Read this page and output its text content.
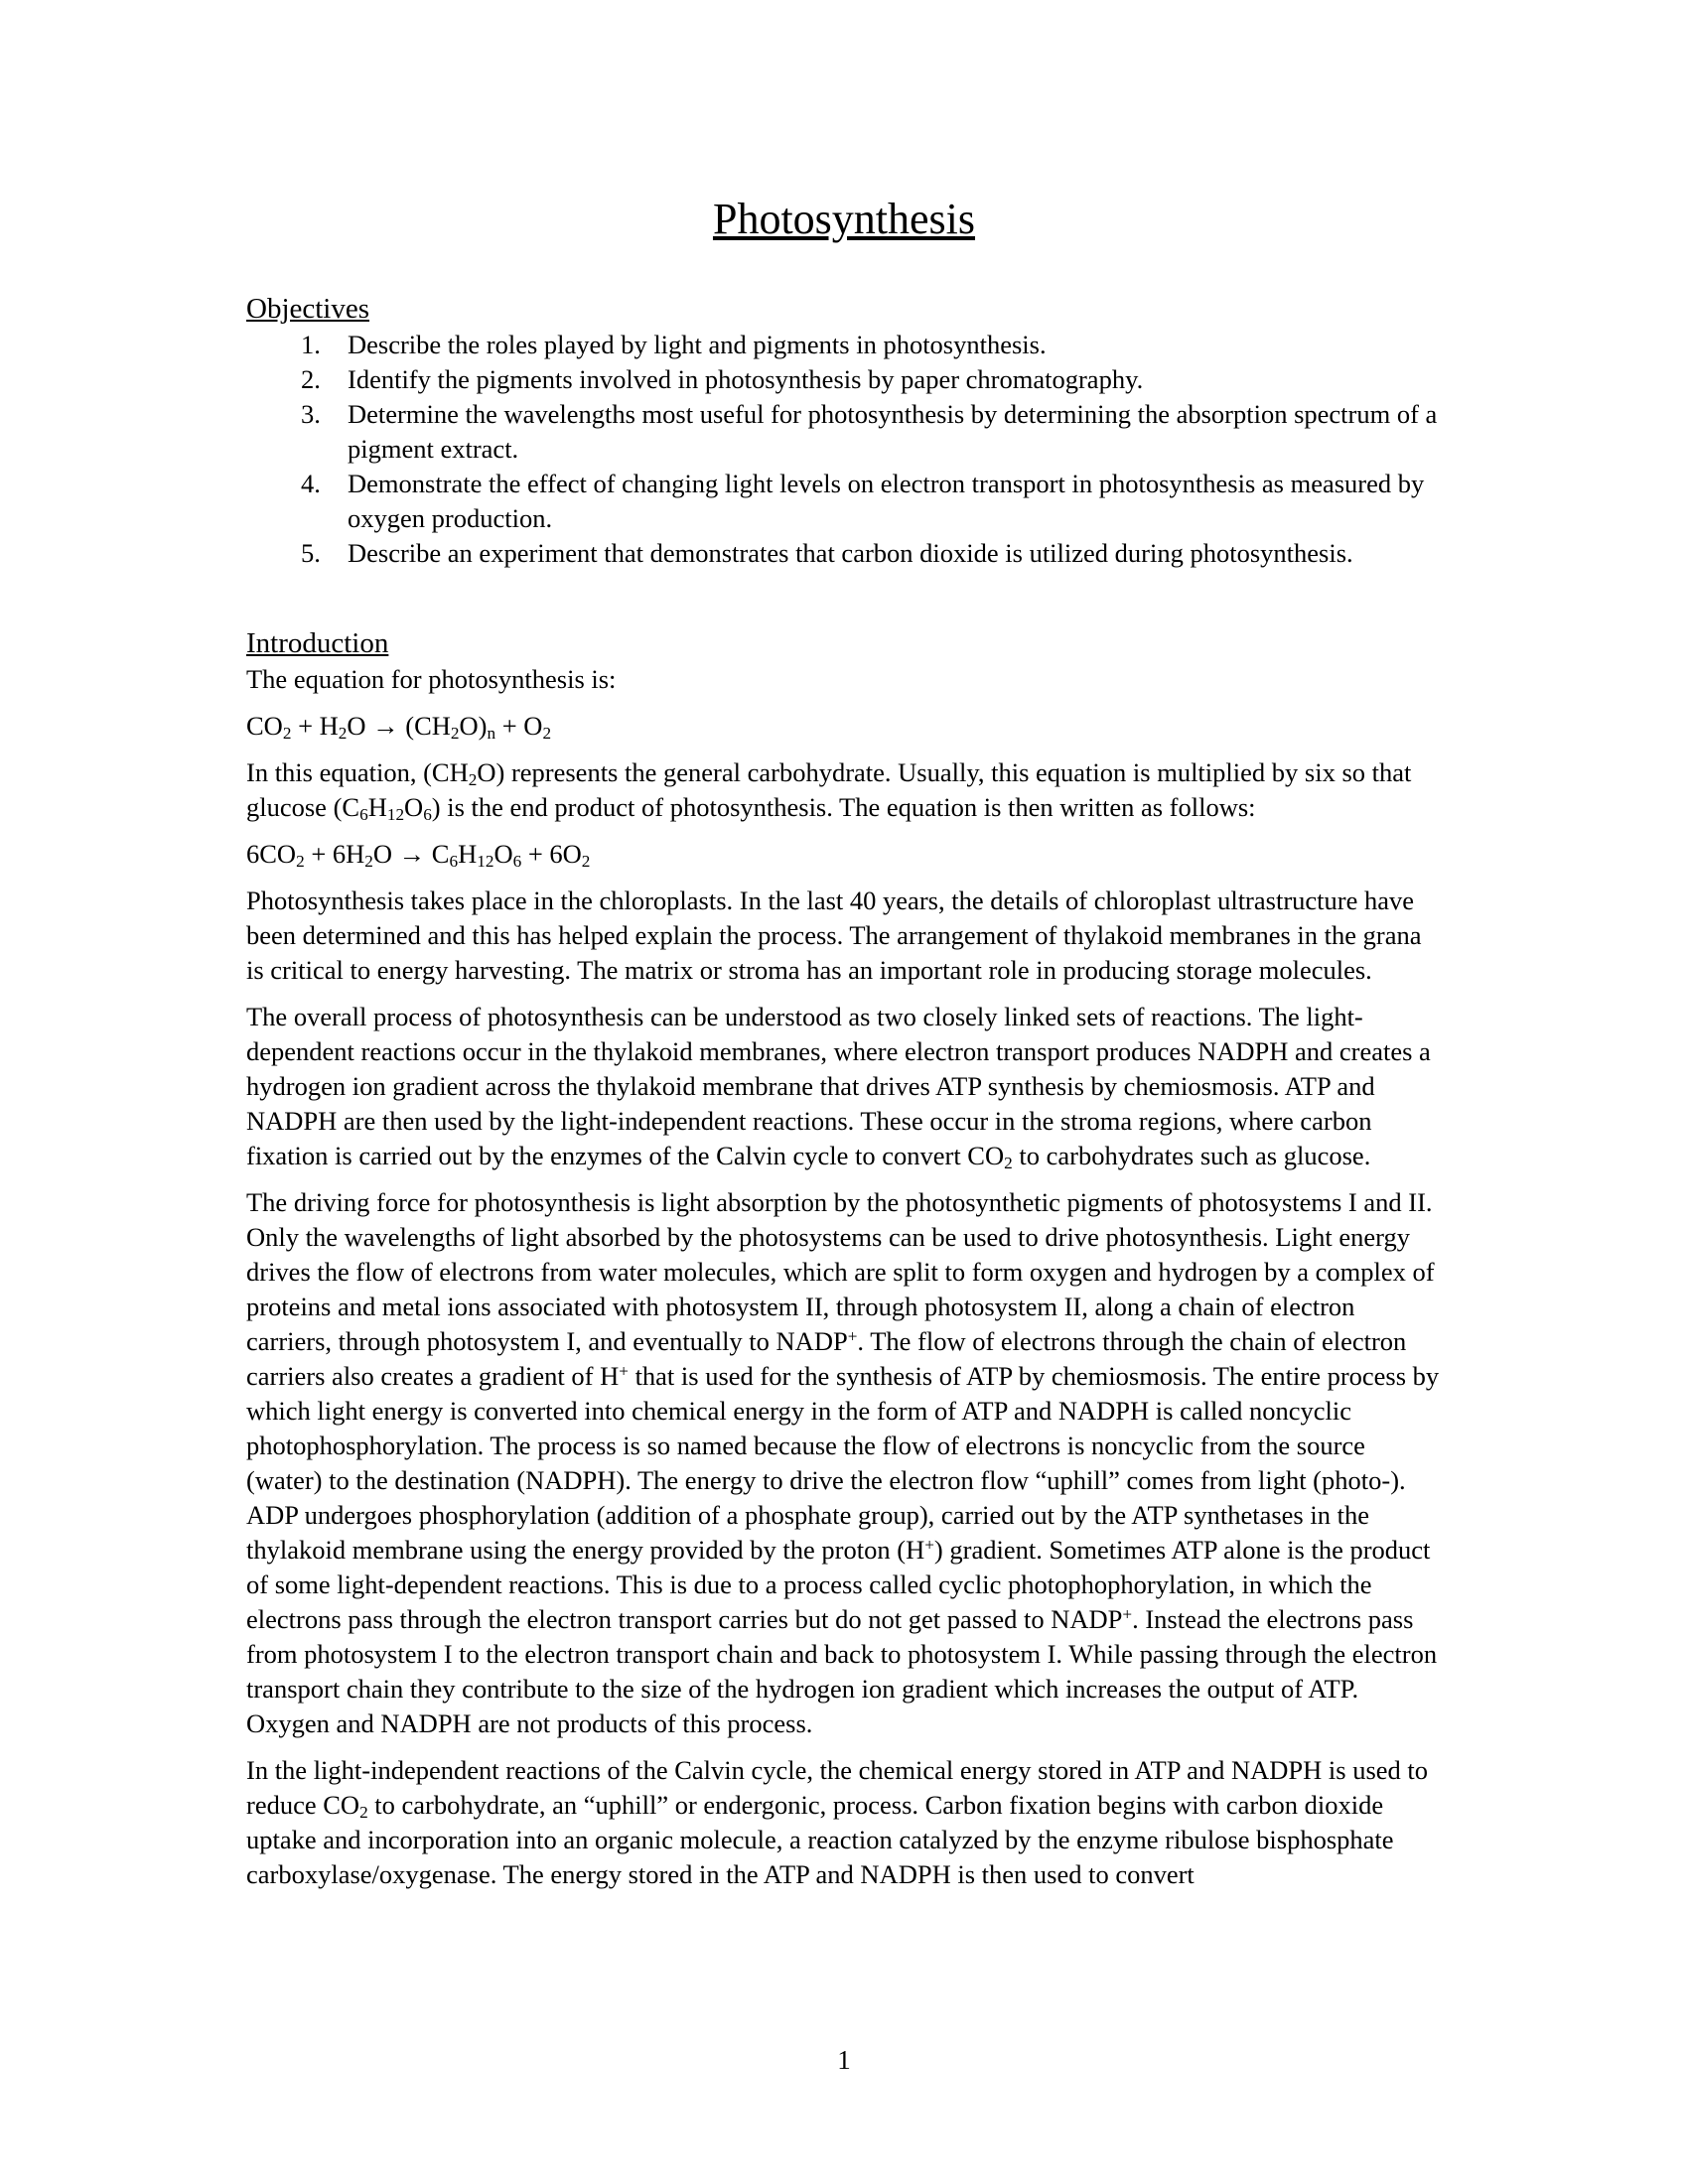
Photosynthesis
Objectives
1.	Describe the roles played by light and pigments in photosynthesis.
2.	Identify the pigments involved in photosynthesis by paper chromatography.
3.	Determine the wavelengths most useful for photosynthesis by determining the absorption spectrum of a pigment extract.
4.	Demonstrate the effect of changing light levels on electron transport in photosynthesis as measured by oxygen production.
5.	Describe an experiment that demonstrates that carbon dioxide is utilized during photosynthesis.
Introduction

The equation for photosynthesis is:

$CO_2 + H_2O \to (CH_2O)_n + O_2$

In this equation, $(CH_2O)$ represents the general carbohydrate. Usually, this equation is multiplied by six so that glucose $(C_6H_{12}O_6)$ is the end product of photosynthesis. The equation is then written as follows:

$6CO_2 + 6H_2O \to C_6H_{12}O_6 + 6O_2$

Photosynthesis takes place in the chloroplasts. In the last 40 years, the details of chloroplast ultrastructure have been determined and this has helped explain the process. The arrangement of thylakoid membranes in the grana is critical to energy harvesting. The matrix or stroma has an important role in producing storage molecules.

The overall process of photosynthesis can be understood as two closely linked sets of reactions. The light-dependent reactions occur in the thylakoid membranes, where electron transport produces NADPH and creates a hydrogen ion gradient across the thylakoid membrane that drives ATP synthesis by chemiosmosis. ATP and NADPH are then used by the light-independent reactions. These occur in the stroma regions, where carbon fixation is carried out by the enzymes of the Calvin cycle to convert $CO_2$ to carbohydrates such as glucose.

The driving force for photosynthesis is light absorption by the photosynthetic pigments of photosystems I and II. Only the wavelengths of light absorbed by the photosystems can be used to drive photosynthesis. Light energy drives the flow of electrons from water molecules, which are split to form oxygen and hydrogen by a complex of proteins and metal ions associated with photosystem II, through photosystem II, along a chain of electron carriers, through photosystem I, and eventually to NADP+. The flow of electrons through the chain of electron carriers also creates a gradient of H+ that is used for the synthesis of ATP by chemiosmosis. The entire process by which light energy is converted into chemical energy in the form of ATP and NADPH is called noncyclic photophosphorylation. The process is so named because the flow of electrons is noncyclic from the source (water) to the destination (NADPH). The energy to drive the electron flow “uphill” comes from light (photo-). ADP undergoes phosphorylation (addition of a phosphate group), carried out by the ATP synthetases in the thylakoid membrane using the energy provided by the proton (H+) gradient. Sometimes ATP alone is the product of some light-dependent reactions. This is due to a process called cyclic photophophorylation, in which the electrons pass through the electron transport carries but do not get passed to NADP+. Instead the electrons pass from photosystem I to the electron transport chain and back to photosystem I. While passing through the electron transport chain they contribute to the size of the hydrogen ion gradient which increases the output of ATP. Oxygen and NADPH are not products of this process.

In the light-independent reactions of the Calvin cycle, the chemical energy stored in ATP and NADPH is used to reduce $CO_2$ to carbohydrate, an “uphill” or endergonic, process. Carbon fixation begins with carbon dioxide uptake and incorporation into an organic molecule, a reaction catalyzed by the enzyme ribulose bisphosphate carboxylase/oxygenase. The energy stored in the ATP and NADPH is then used to convert

1
